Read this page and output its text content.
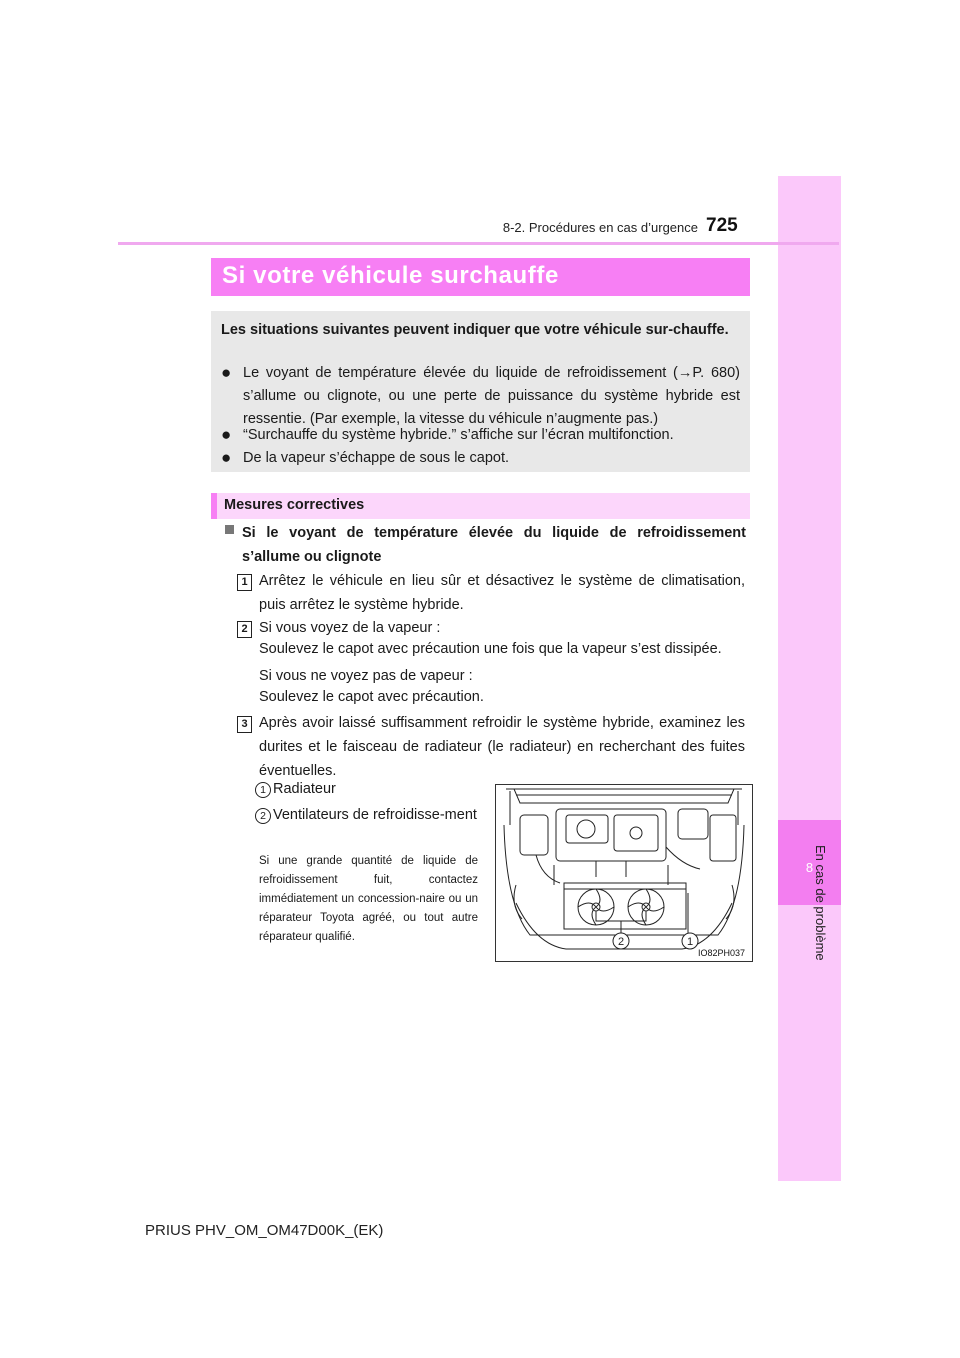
8 En cas de problème
8-2. Procédures en cas d’urgence 725
Si votre véhicule surchauffe
Les situations suivantes peuvent indiquer que votre véhicule sur-chauffe.
● Le voyant de température élevée du liquide de refroidissement (→P. 680) s’allume ou clignote, ou une perte de puissance du système hybride est ressentie. (Par exemple, la vitesse du véhicule n’augmente pas.)
● “Surchauffe du système hybride.” s’affiche sur l’écran multifonction.
● De la vapeur s’échappe de sous le capot.
Mesures correctives
Si le voyant de température élevée du liquide de refroidissement s’allume ou clignote
1 Arrêtez le véhicule en lieu sûr et désactivez le système de climatisation, puis arrêtez le système hybride.
2 Si vous voyez de la vapeur :
Soulevez le capot avec précaution une fois que la vapeur s’est dissipée.
Si vous ne voyez pas de vapeur :
Soulevez le capot avec précaution.
3 Après avoir laissé suffisamment refroidir le système hybride, examinez les durites et le faisceau de radiateur (le radiateur) en recherchant des fuites éventuelles.
1 Radiateur
2 Ventilateurs de refroidisse-ment
Si une grande quantité de liquide de refroidissement fuit, contactez immédiatement un concession-naire ou un réparateur Toyota agréé, ou tout autre réparateur qualifié.	2	1
IO82PH037
PRIUS PHV_OM_OM47D00K_(EK)
